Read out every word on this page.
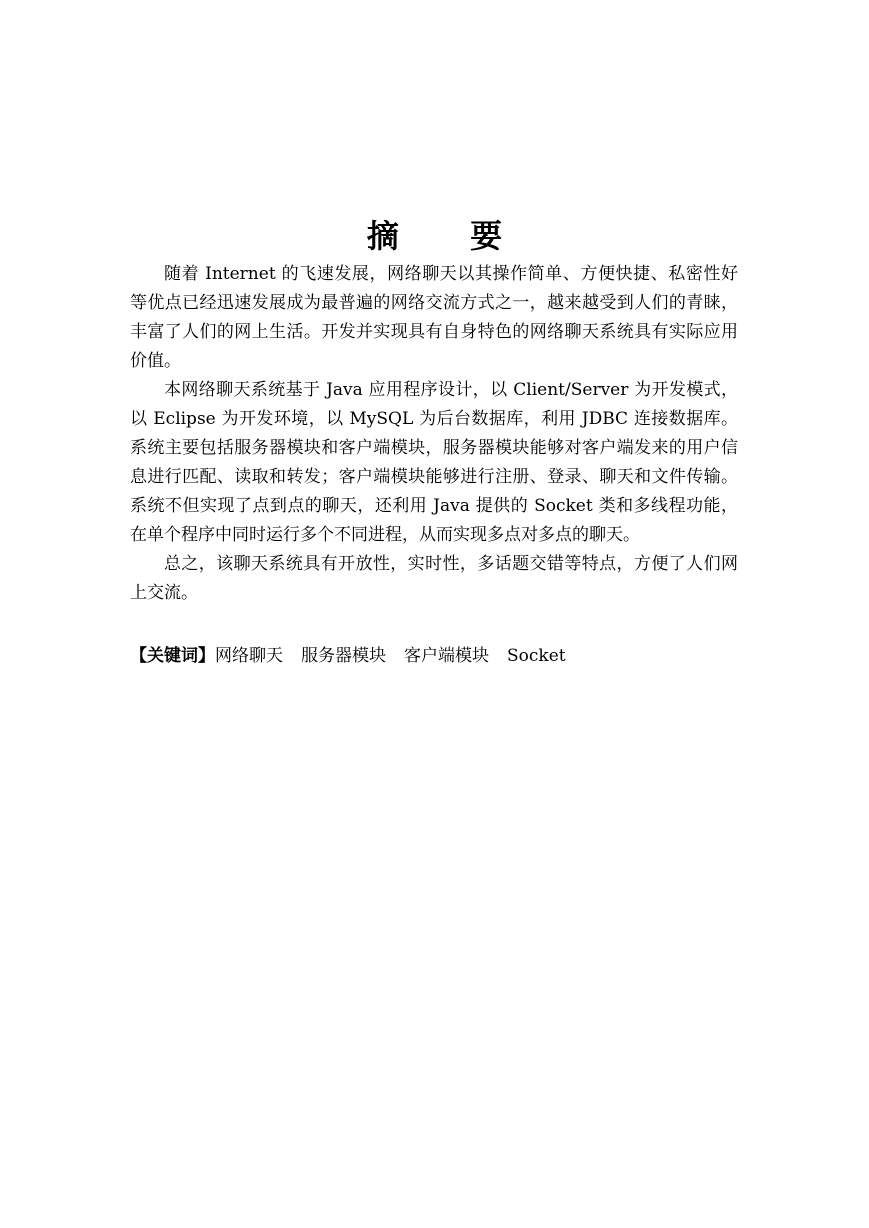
摘 要

随着 Internet 的飞速发展，网络聊天以其操作简单、方便快捷、私密性好等优点已经迅速发展成为最普遍的网络交流方式之一，越来越受到人们的青睐，丰富了人们的网上生活。开发并实现具有自身特色的网络聊天系统具有实际应用价值。

本网络聊天系统基于 Java 应用程序设计，以 Client/Server 为开发模式，以 Eclipse 为开发环境，以 MySQL 为后台数据库，利用 JDBC 连接数据库。系统主要包括服务器模块和客户端模块，服务器模块能够对客户端发来的用户信息进行匹配、读取和转发；客户端模块能够进行注册、登录、聊天和文件传输。系统不但实现了点到点的聊天，还利用 Java 提供的 Socket 类和多线程功能，在单个程序中同时运行多个不同进程，从而实现多点对多点的聊天。

总之，该聊天系统具有开放性，实时性，多话题交错等特点，方便了人们网上交流。

【关键词】网络聊天 服务器模块 客户端模块 Socket
